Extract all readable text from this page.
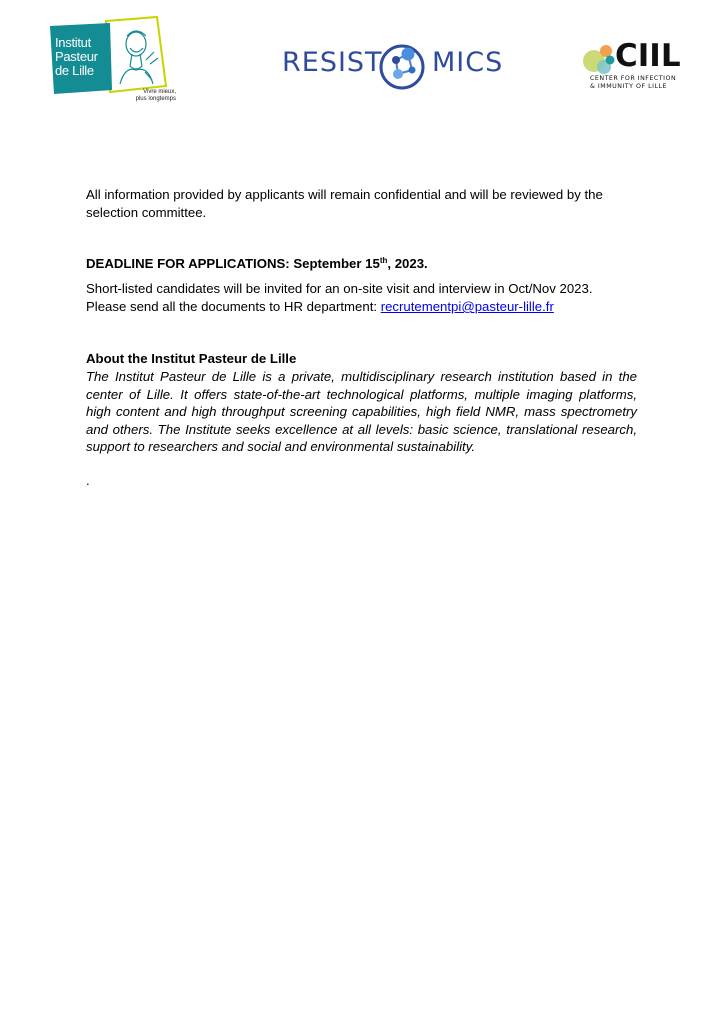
Institut
Pasteur
de Lille
Vivre mieux,
plus longtemps
RESIST MICS	CIIL
CENTER FOR INFECTION
& IMMUNITY OF LILLE

All information provided by applicants will remain confidential and will be reviewed by the selection committee.

DEADLINE FOR APPLICATIONS: September 15th, 2023.

Short-listed candidates will be invited for an on-site visit and interview in Oct/Nov 2023.

Please send all the documents to HR department: recrutementpi@pasteur-lille.fr

About the Institut Pasteur de Lille

The Institut Pasteur de Lille is a private, multidisciplinary research institution based in the center of Lille. It offers state-of-the-art technological platforms, multiple imaging platforms, high content and high throughput screening capabilities, high field NMR, mass spectrometry and others. The Institute seeks excellence at all levels: basic science, translational research, support to researchers and social and environmental sustainability.

.
